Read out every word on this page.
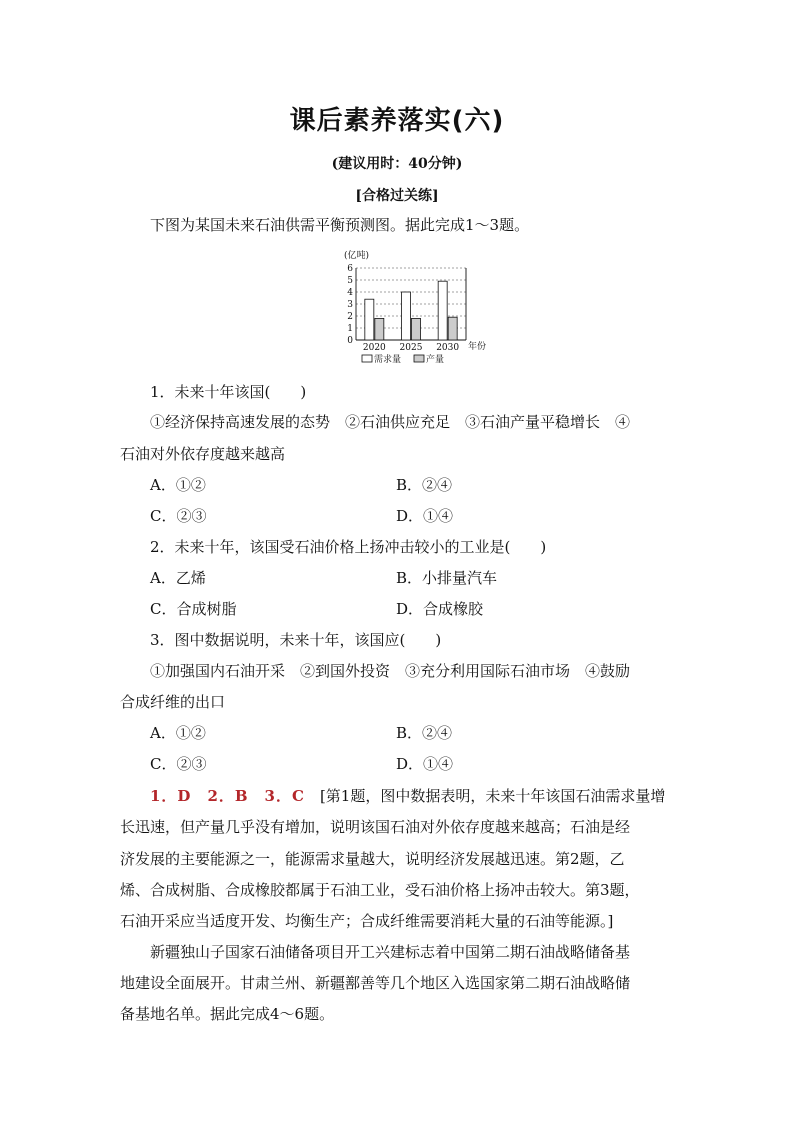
课后素养落实(六)
(建议用时：40分钟)
[合格过关练]
下图为某国未来石油供需平衡预测图。据此完成1～3题。
(亿吨)
0
1
2
3
4
5
6
2020 2025 2030 年份
需求量	产量
1．未来十年该国(　　)
①经济保持高速发展的态势　②石油供应充足　③石油产量平稳增长　④
石油对外依存度越来越高
A．①②	B．②④
C．②③	D．①④
2．未来十年，该国受石油价格上扬冲击较小的工业是(　　)
A．乙烯	B．小排量汽车
C．合成树脂	D．合成橡胶
3．图中数据说明，未来十年，该国应(　　)
①加强国内石油开采　②到国外投资　③充分利用国际石油市场　④鼓励
合成纤维的出口
A．①②	B．②④
C．②③	D．①④
1．D　2．B　3．C　[第1题，图中数据表明，未来十年该国石油需求量增
长迅速，但产量几乎没有增加，说明该国石油对外依存度越来越高；石油是经
济发展的主要能源之一，能源需求量越大，说明经济发展越迅速。第2题，乙
烯、合成树脂、合成橡胶都属于石油工业，受石油价格上扬冲击较大。第3题，
石油开采应当适度开发、均衡生产；合成纤维需要消耗大量的石油等能源。]
新疆独山子国家石油储备项目开工兴建标志着中国第二期石油战略储备基
地建设全面展开。甘肃兰州、新疆鄯善等几个地区入选国家第二期石油战略储
备基地名单。据此完成4～6题。
